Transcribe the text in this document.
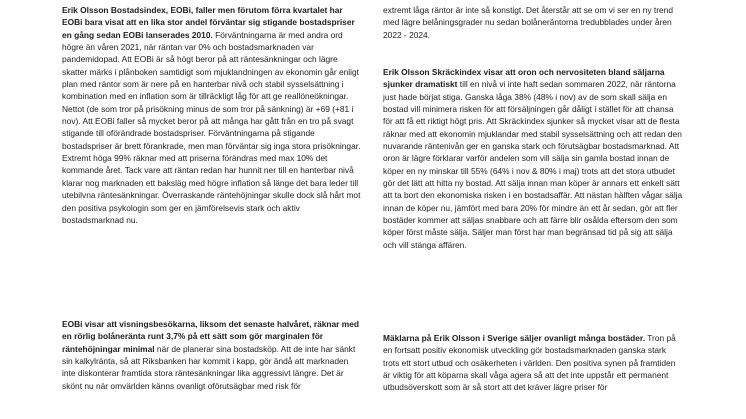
Erik Olsson Bostadsindex, EOBi, faller men förutom förra kvartalet har EOBi bara visat att en lika stor andel förväntar sig stigande bostadspriser en gång sedan EOBi lanserades 2010. Förväntningarna är med andra ord högre än våren 2021, när räntan var 0% och bostadsmarknaden var pandemidopad. Att EOBi är så högt beror på att räntesänkningar och lägre skatter märks i plånboken samtidigt som mjuklandningen av ekonomin går enligt plan med räntor som är nere på en hanterbar nivå och stabil sysselsättning i kombination med en inflation som är tillräckligt låg för att ge reallöneökningar. Nettot (de som tror på prisökning minus de som tror på sänkning) är +69 (+81 i nov). Att EOBi faller så mycket beror på att många har gått från en tro på svagt stigande till oförändrade bostadspriser. Förväntningarna på stigande bostadspriser är brett förankrade, men man förväntar sig inga stora prisökningar. Extremt höga 99% räknar med att priserna förändras med max 10% det kommande året. Tack vare att räntan redan har hunnit ner till en hanterbar nivå klarar nog marknaden ett baksläg med högre inflation så länge det bara leder till utebilvna räntesänkningar. Överraskande räntehöjningar skulle dock slå hårt mot den positiva psykologin som ger en jämförelsevis stark och aktiv bostadsmarknad nu.

EOBi visar att visningsbesökarna, liksom det senaste halvåret, räknar med en rörlig bolåneränta runt 3,7% på ett sätt som gör marginalen för räntehöjningar minimal när de planerar sina bostadsköp. Att de inte har sänkt sin kalkylränta, så att Riksbanken har kommit i kapp, gör ändå att marknaden inte diskonterar framtida stora räntesänkningar lika aggressivt längre. Det är skönt nu när omvärlden känns ovanligt oförutsägbar med risk för

extremt låga räntor är inte så konstigt. Det återstår att se om vi ser en ny trend med lägre belåningsgrader nu sedan bolåneräntorna tredubblades under åren 2022 - 2024.

Erik Olsson Skräckindex visar att oron och nervositeten bland säljarna sjunker dramatiskt till en nivå vi inte haft sedan sommaren 2022, när räntorna just hade börjat stiga. Ganska låga 38% (48% i nov) av de som skall sälja en bostad vill minimera risken för att försäljningen går dåligt i stället för att chansa för att få ett riktigt högt pris. Att Skräckindex sjunker så mycket visar att de flesta räknar med att ekonomin mjuklandar med stabil sysselsättning och att redan den nuvarande räntenivån ger en ganska stark och förutsägbar bostadsmarknad. Att oron är lägre förklarar varför andelen som vill sälja sin gamla bostad innan de köper en ny minskar till 55% (64% i nov & 80% i maj) trots att det stora utbudet gör det lätt att hitta ny bostad. Att sälja innan man köper är annars ett enkelt sätt att ta bort den ekonomiska risken i en bostadsaffär. Att nästan hälften vågar sälja innan de köper nu, jämfört med bara 20% för mindre än ett år sedan, gör att fler bostäder kommer att säljas snabbare och att färre blir osålda eftersom den som köper först måste sälja. Säljer man först har man begränsad tid på sig att sälja och vill stänga affären.

Mäklarna på Erik Olsson i Sverige säljer ovanligt många bostäder. Tron på en fortsatt positiv ekonomisk utveckling gör bostadsmarknaden ganska stark trots ett stort utbud och osäkerheten i världen. Den positiva synen på framtiden är viktig för att köparna skall våga agera så att det inte uppstår ett permanent utbudsöverskott som är så stort att det kräver lägre priser för
